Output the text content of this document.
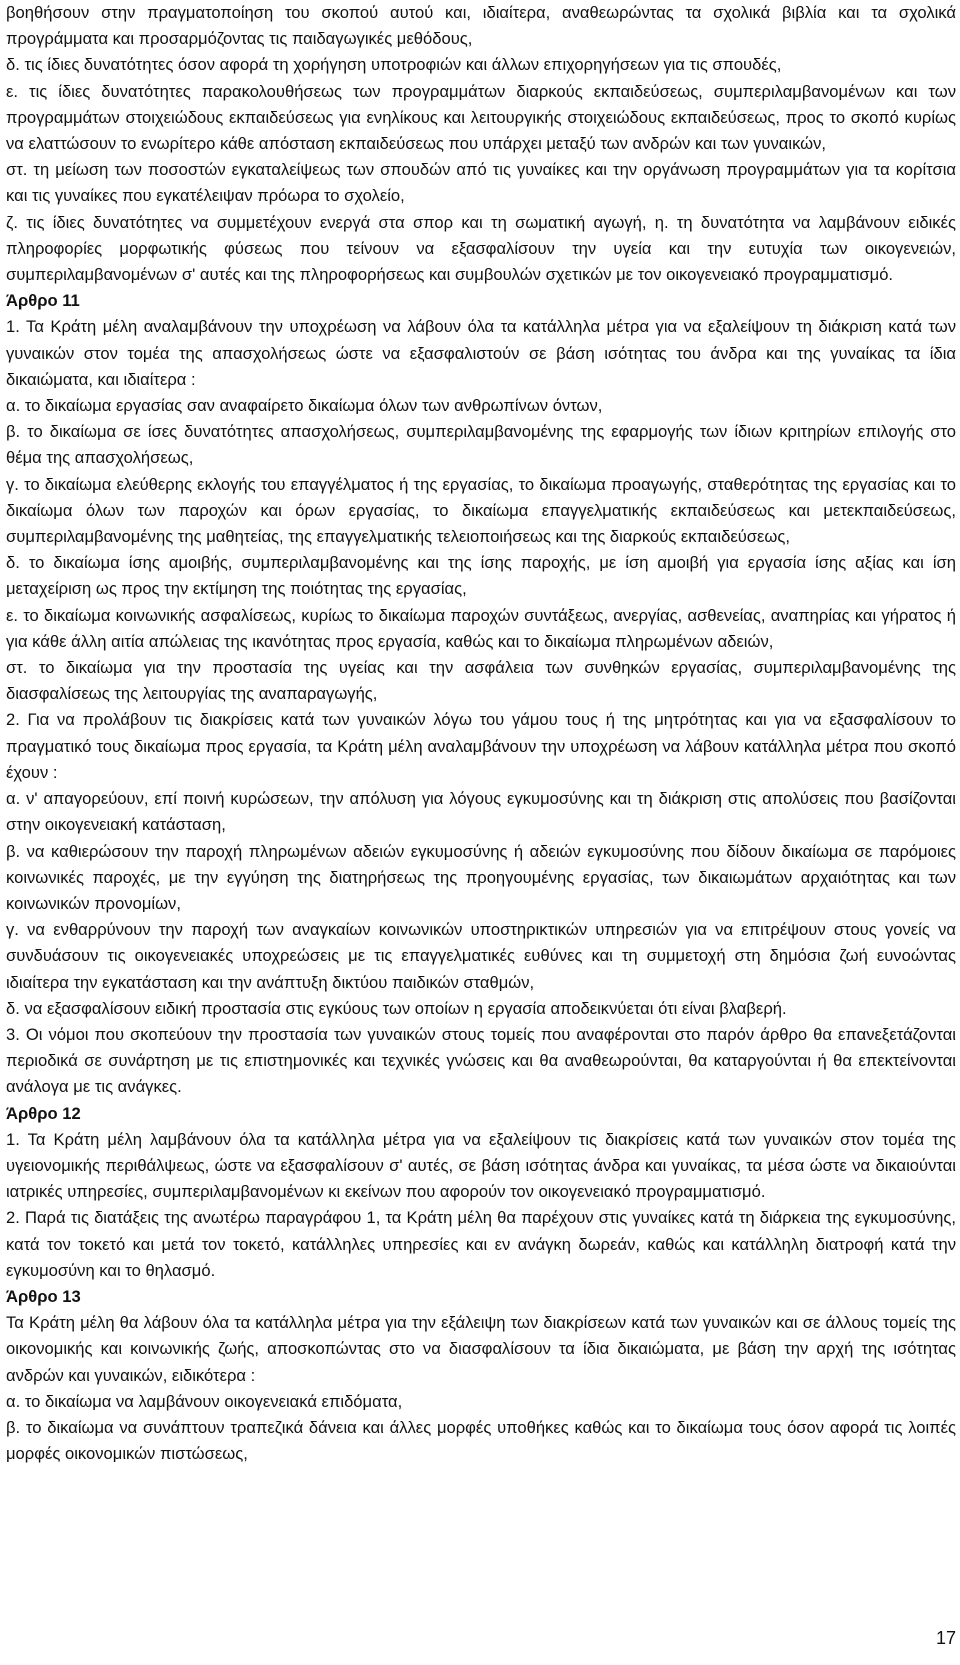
βοηθήσουν στην πραγματοποίηση του σκοπού αυτού και, ιδιαίτερα, αναθεωρώντας τα σχολικά βιβλία και τα σχολικά προγράμματα και προσαρμόζοντας τις παιδαγωγικές μεθόδους,

δ. τις ίδιες δυνατότητες όσον αφορά τη χορήγηση υποτροφιών και άλλων επιχορηγήσεων για τις σπουδές,

ε. τις ίδιες δυνατότητες παρακολουθήσεως των προγραμμάτων διαρκούς εκπαιδεύσεως, συμπεριλαμβανομένων και των προγραμμάτων στοιχειώδους εκπαιδεύσεως για ενηλίκους και λειτουργικής στοιχειώδους εκπαιδεύσεως, προς το σκοπό κυρίως να ελαττώσουν το ενωρίτερο κάθε απόσταση εκπαιδεύσεως που υπάρχει μεταξύ των ανδρών και των γυναικών,

στ. τη μείωση των ποσοστών εγκαταλείψεως των σπουδών από τις γυναίκες και την οργάνωση προγραμμάτων για τα κορίτσια και τις γυναίκες που εγκατέλειψαν πρόωρα το σχολείο,

ζ. τις ίδιες δυνατότητες να συμμετέχουν ενεργά στα σπορ και τη σωματική αγωγή, η. τη δυνατότητα να λαμβάνουν ειδικές πληροφορίες μορφωτικής φύσεως που τείνουν να εξασφαλίσουν την υγεία και την ευτυχία των οικογενειών, συμπεριλαμβανομένων σ' αυτές και της πληροφορήσεως και συμβουλών σχετικών με τον οικογενειακό προγραμματισμό.

Άρθρο 11

1. Τα Κράτη μέλη αναλαμβάνουν την υποχρέωση να λάβουν όλα τα κατάλληλα μέτρα για να εξαλείψουν τη διάκριση κατά των γυναικών στον τομέα της απασχολήσεως ώστε να εξασφαλιστούν σε βάση ισότητας του άνδρα και της γυναίκας τα ίδια δικαιώματα, και ιδιαίτερα :

α. το δικαίωμα εργασίας σαν αναφαίρετο δικαίωμα όλων των ανθρωπίνων όντων,

β. το δικαίωμα σε ίσες δυνατότητες απασχολήσεως, συμπεριλαμβανομένης της εφαρμογής των ίδιων κριτηρίων επιλογής στο θέμα της απασχολήσεως,

γ. το δικαίωμα ελεύθερης εκλογής του επαγγέλματος ή της εργασίας, το δικαίωμα προαγωγής, σταθερότητας της εργασίας και το δικαίωμα όλων των παροχών και όρων εργασίας, το δικαίωμα επαγγελματικής εκπαιδεύσεως και μετεκπαιδεύσεως, συμπεριλαμβανομένης της μαθητείας, της επαγγελματικής τελειοποιήσεως και της διαρκούς εκπαιδεύσεως,

δ. το δικαίωμα ίσης αμοιβής, συμπεριλαμβανομένης και της ίσης παροχής, με ίση αμοιβή για εργασία ίσης αξίας και ίση μεταχείριση ως προς την εκτίμηση της ποιότητας της εργασίας,

ε. το δικαίωμα κοινωνικής ασφαλίσεως, κυρίως το δικαίωμα παροχών συντάξεως, ανεργίας, ασθενείας, αναπηρίας και γήρατος ή για κάθε άλλη αιτία απώλειας της ικανότητας προς εργασία, καθώς και το δικαίωμα πληρωμένων αδειών,

στ. το δικαίωμα για την προστασία της υγείας και την ασφάλεια των συνθηκών εργασίας, συμπεριλαμβανομένης της διασφαλίσεως της λειτουργίας της αναπαραγωγής,

2. Για να προλάβουν τις διακρίσεις κατά των γυναικών λόγω του γάμου τους ή της μητρότητας και για να εξασφαλίσουν το πραγματικό τους δικαίωμα προς εργασία, τα Κράτη μέλη αναλαμβάνουν την υποχρέωση να λάβουν κατάλληλα μέτρα που σκοπό έχουν :

α. ν' απαγορεύουν, επί ποινή κυρώσεων, την απόλυση για λόγους εγκυμοσύνης και τη διάκριση στις απολύσεις που βασίζονται στην οικογενειακή κατάσταση,

β. να καθιερώσουν την παροχή πληρωμένων αδειών εγκυμοσύνης ή αδειών εγκυμοσύνης που δίδουν δικαίωμα σε παρόμοιες κοινωνικές παροχές, με την εγγύηση της διατηρήσεως της προηγουμένης εργασίας, των δικαιωμάτων αρχαιότητας και των κοινωνικών προνομίων,

γ. να ενθαρρύνουν την παροχή των αναγκαίων κοινωνικών υποστηρικτικών υπηρεσιών για να επιτρέψουν στους γονείς να συνδυάσουν τις οικογενειακές υποχρεώσεις με τις επαγγελματικές ευθύνες και τη συμμετοχή στη δημόσια ζωή ευνοώντας ιδιαίτερα την εγκατάσταση και την ανάπτυξη δικτύου παιδικών σταθμών,

δ. να εξασφαλίσουν ειδική προστασία στις εγκύους των οποίων η εργασία αποδεικνύεται ότι είναι βλαβερή.

3. Οι νόμοι που σκοπεύουν την προστασία των γυναικών στους τομείς που αναφέρονται στο παρόν άρθρο θα επανεξετάζονται περιοδικά σε συνάρτηση με τις επιστημονικές και τεχνικές γνώσεις και θα αναθεωρούνται, θα καταργούνται ή θα επεκτείνονται ανάλογα με τις ανάγκες.

Άρθρο 12

1. Τα Κράτη μέλη λαμβάνουν όλα τα κατάλληλα μέτρα για να εξαλείψουν τις διακρίσεις κατά των γυναικών στον τομέα της υγειονομικής περιθάλψεως, ώστε να εξασφαλίσουν σ' αυτές, σε βάση ισότητας άνδρα και γυναίκας, τα μέσα ώστε να δικαιούνται ιατρικές υπηρεσίες, συμπεριλαμβανομένων κι εκείνων που αφορούν τον οικογενειακό προγραμματισμό.

2. Παρά τις διατάξεις της ανωτέρω παραγράφου 1, τα Κράτη μέλη θα παρέχουν στις γυναίκες κατά τη διάρκεια της εγκυμοσύνης, κατά τον τοκετό και μετά τον τοκετό, κατάλληλες υπηρεσίες και εν ανάγκη δωρεάν, καθώς και κατάλληλη διατροφή κατά την εγκυμοσύνη και το θηλασμό.

Άρθρο 13

Τα Κράτη μέλη θα λάβουν όλα τα κατάλληλα μέτρα για την εξάλειψη των διακρίσεων κατά των γυναικών και σε άλλους τομείς της οικονομικής και κοινωνικής ζωής, αποσκοπώντας στο να διασφαλίσουν τα ίδια δικαιώματα, με βάση την αρχή της ισότητας ανδρών και γυναικών, ειδικότερα :

α. το δικαίωμα να λαμβάνουν οικογενειακά επιδόματα,

β. το δικαίωμα να συνάπτουν τραπεζικά δάνεια και άλλες μορφές υποθήκες καθώς και το δικαίωμα τους όσον αφορά τις λοιπές μορφές οικονομικών πιστώσεως,

17
